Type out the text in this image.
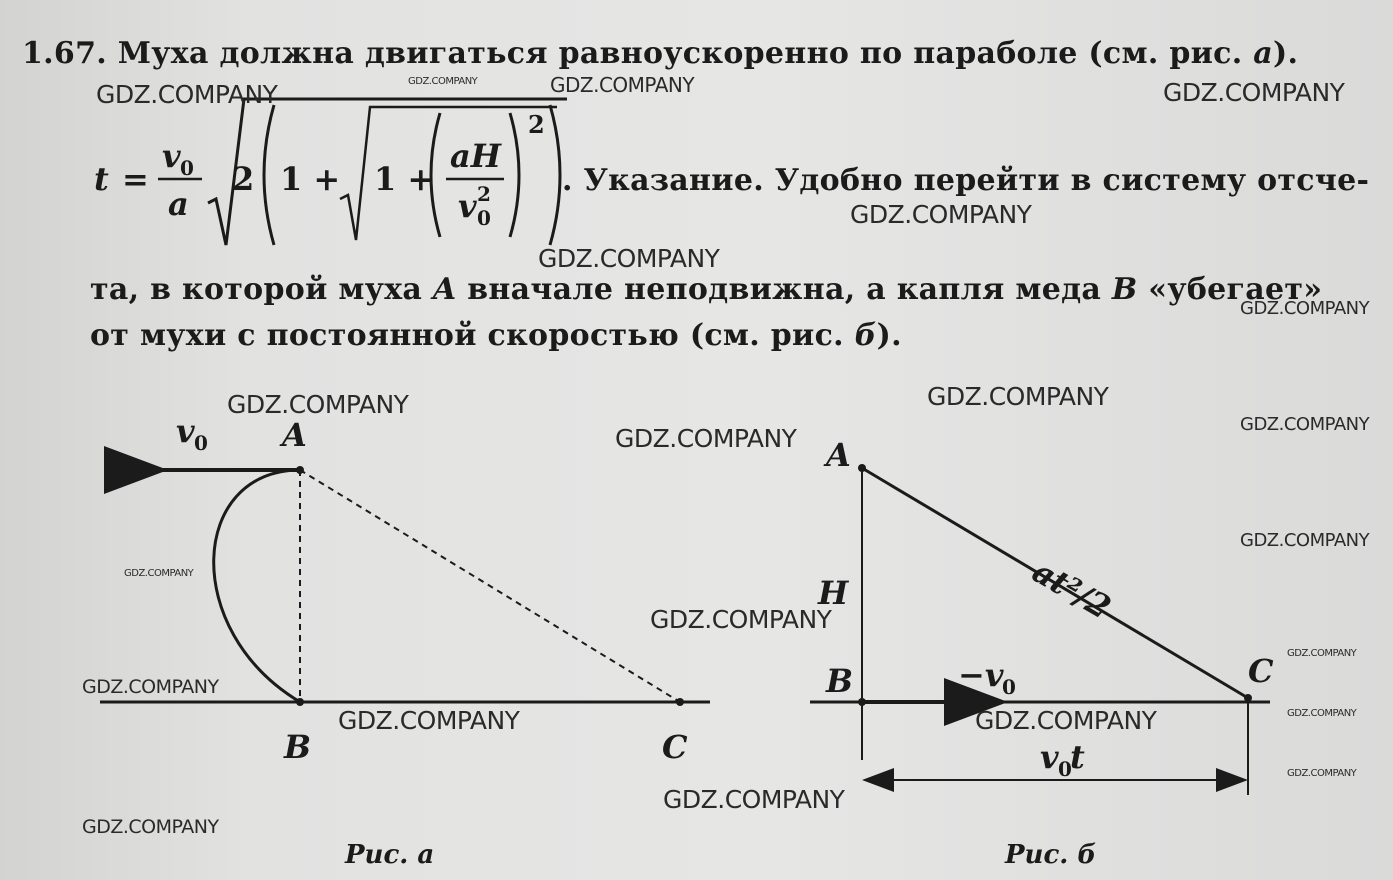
1.67. Муха должна двигаться равноускоренно по параболе (см. рис. а).
t =
v 0
a
2 1 + 1 +
aH
v 2
0
2
. Указание. Удобно перейти в систему отсче-
та, в которой муха A вначале неподвижна, а капля меда B «убегает»
от мухи с постоянной скоростью (см. рис. б).
v 0 A
B	C
Рис. а
A
B	C
H	at²/2
−v
0
v 0
t
Рис. б
GDZ.COMPANY	GDZ.COMPANY	GDZ.COMPANY	GDZ.COMPANY
GDZ.COMPANY
GDZ.COMPANY
GDZ.COMPANY
GDZ.COMPANY	GDZ.COMPANY
GDZ.COMPANY	GDZ.COMPANY
GDZ.COMPANY
GDZ.COMPANY
GDZ.COMPANY
GDZ.COMPANY
GDZ.COMPANY
GDZ.COMPANY	GDZ.COMPANY	GDZ.COMPANY
GDZ.COMPANY
GDZ.COMPANY
GDZ.COMPANY
